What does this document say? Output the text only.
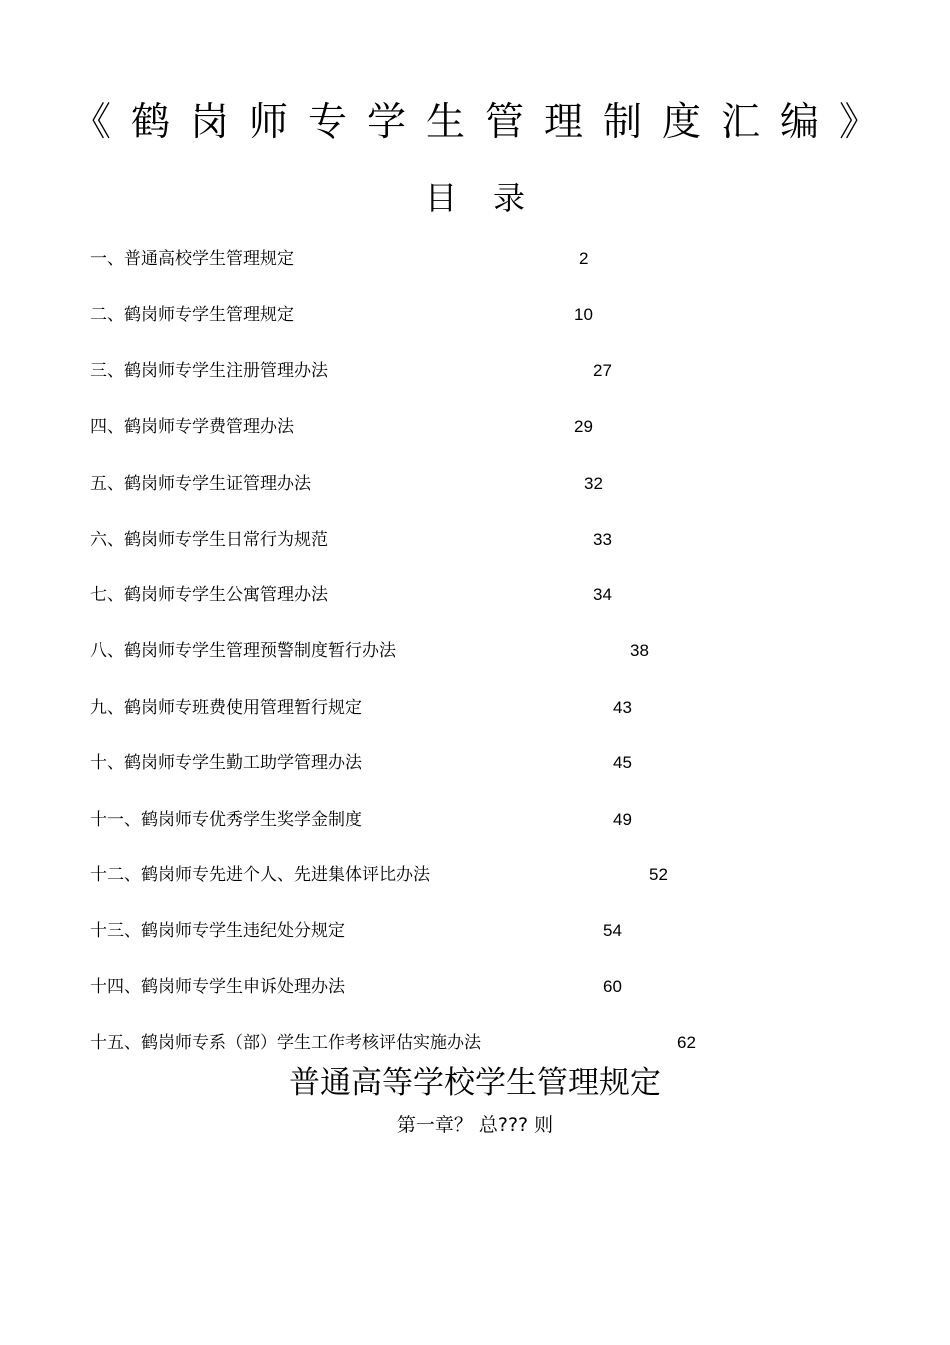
《鹤岗师专学生管理制度汇编》
目录
一、普通高校学生管理规定	2
二、鹤岗师专学生管理规定	10
三、鹤岗师专学生注册管理办法	27
四、鹤岗师专学费管理办法	29
五、鹤岗师专学生证管理办法	32
六、鹤岗师专学生日常行为规范	33
七、鹤岗师专学生公寓管理办法	34
八、鹤岗师专学生管理预警制度暂行办法	38
九、鹤岗师专班费使用管理暂行规定	43
十、鹤岗师专学生勤工助学管理办法	45
十一、鹤岗师专优秀学生奖学金制度	49
十二、鹤岗师专先进个人、先进集体评比办法	52
十三、鹤岗师专学生违纪处分规定	54
十四、鹤岗师专学生申诉处理办法	60
十五、鹤岗师专系（部）学生工作考核评估实施办法	62
普通高等学校学生管理规定
第一章？ 总??? 则
